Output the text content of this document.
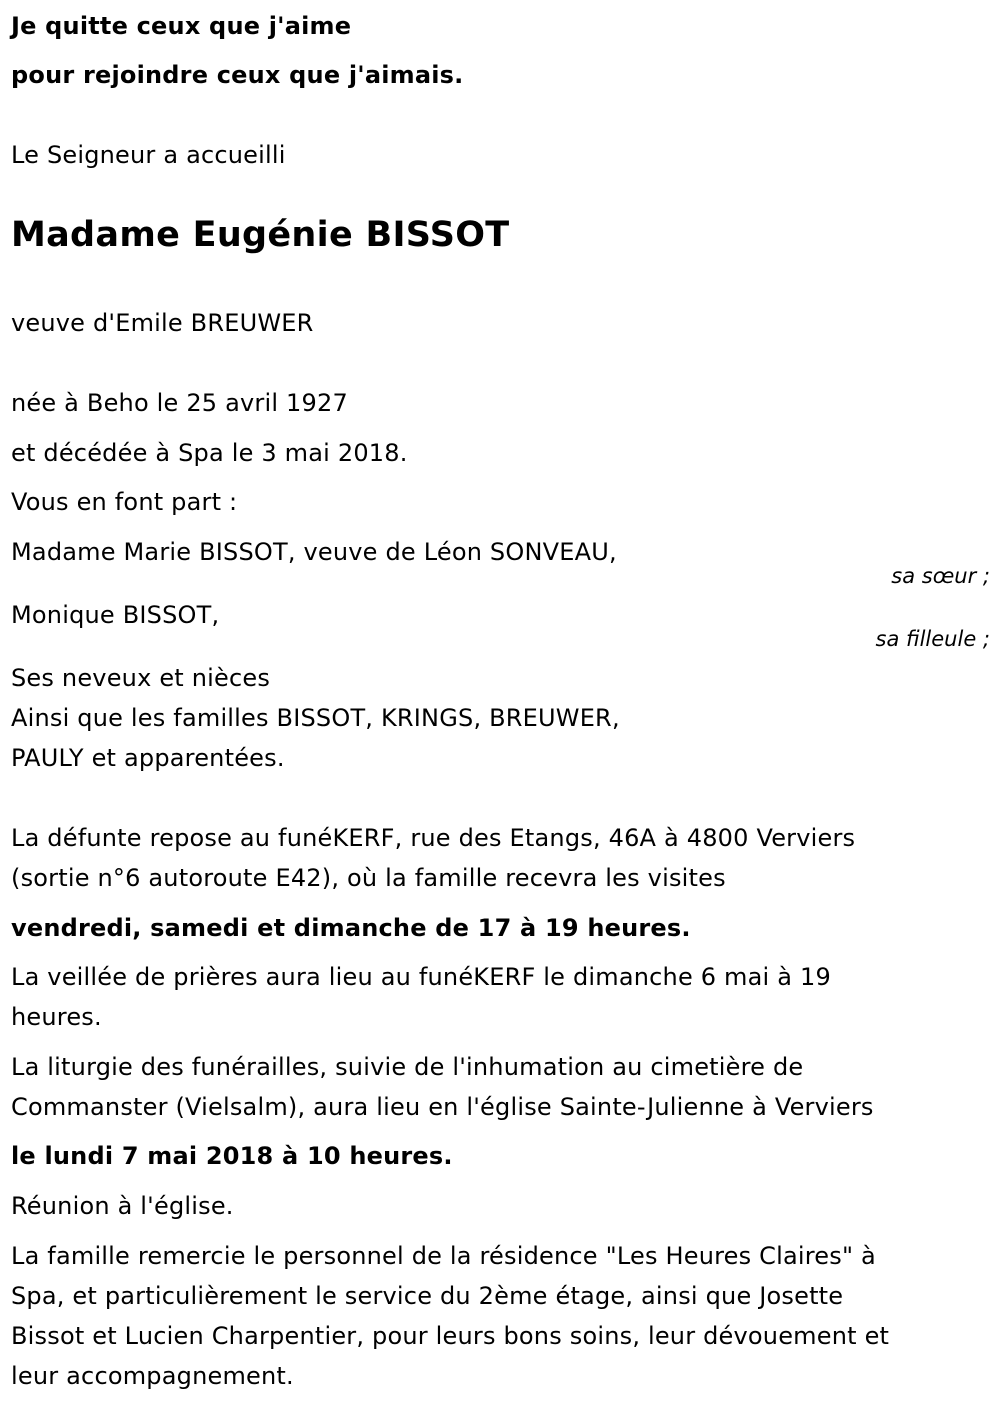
Je quitte ceux que j'aime

pour rejoindre ceux que j'aimais.

Le Seigneur a accueilli

Madame Eugénie BISSOT

veuve d'Emile BREUWER

née à Beho le 25 avril 1927

et décédée à Spa le 3 mai 2018.

Vous en font part :

Madame Marie BISSOT, veuve de Léon SONVEAU,

sa sœur ;

Monique BISSOT,

sa filleule ;

Ses neveux et nièces

Ainsi que les familles BISSOT, KRINGS, BREUWER,

PAULY et apparentées.

La défunte repose au funéKERF, rue des Etangs, 46A à 4800 Verviers

(sortie n°6 autoroute E42), où la famille recevra les visites

vendredi, samedi et dimanche de 17 à 19 heures.

La veillée de prières aura lieu au funéKERF le dimanche 6 mai à 19

heures.

La liturgie des funérailles, suivie de l'inhumation au cimetière de

Commanster (Vielsalm), aura lieu en l'église Sainte-Julienne à Verviers

le lundi 7 mai 2018 à 10 heures.

Réunion à l'église.

La famille remercie le personnel de la résidence "Les Heures Claires" à

Spa, et particulièrement le service du 2ème étage, ainsi que Josette

Bissot et Lucien Charpentier, pour leurs bons soins, leur dévouement et

leur accompagnement.
